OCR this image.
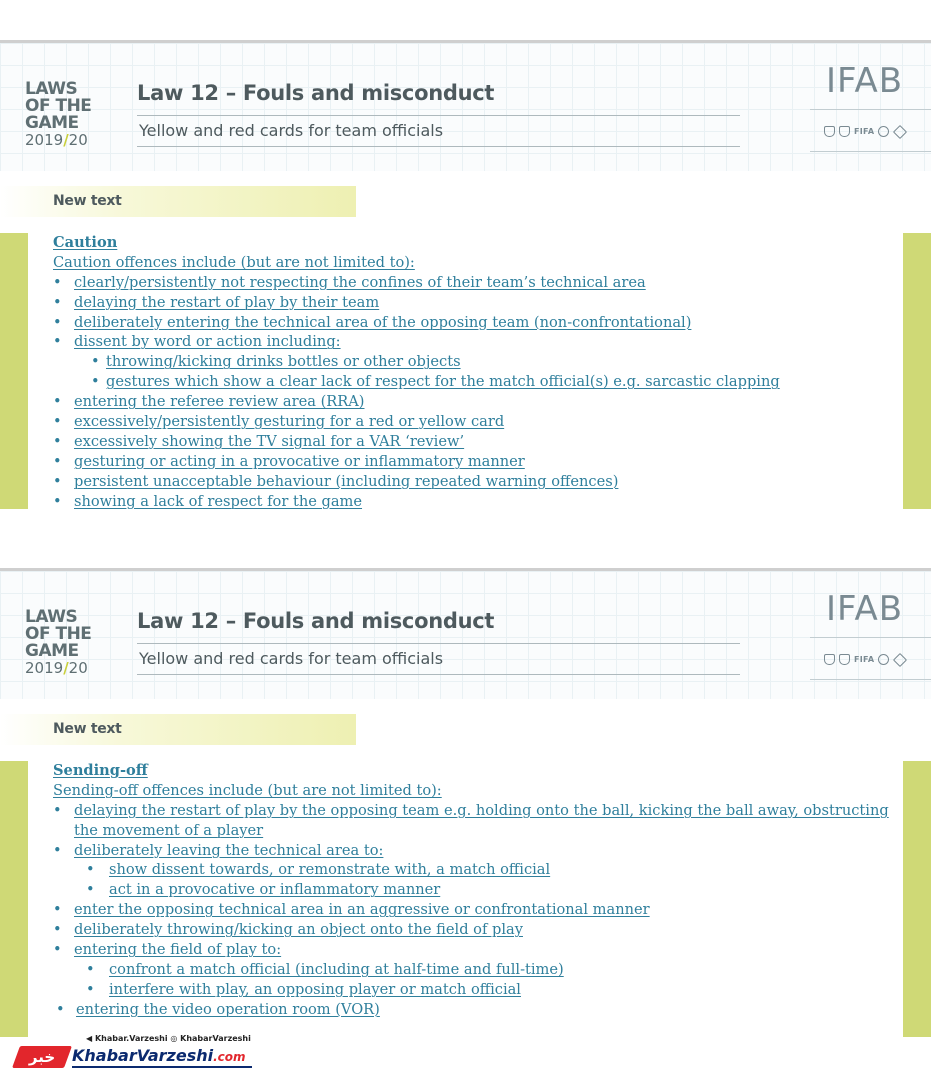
LAWS
OF THE
GAME
2019/20
Law 12 – Fouls and misconduct
Yellow and red cards for team officials
IFAB
FIFA
New text
Caution
Caution offences include (but are not limited to):
• clearly/persistently not respecting the confines of their team’s technical area
• delaying the restart of play by their team
• deliberately entering the technical area of the opposing team (non-confrontational)
• dissent by word or action including:
• throwing/kicking drinks bottles or other objects
• gestures which show a clear lack of respect for the match official(s) e.g. sarcastic clapping
• entering the referee review area (RRA)
• excessively/persistently gesturing for a red or yellow card
• excessively showing the TV signal for a VAR ‘review’
• gesturing or acting in a provocative or inflammatory manner
• persistent unacceptable behaviour (including repeated warning offences)
• showing a lack of respect for the game
LAWS
OF THE
GAME
2019/20
Law 12 – Fouls and misconduct
Yellow and red cards for team officials
IFAB
FIFA
New text
Sending-off
Sending-off offences include (but are not limited to):
• delaying the restart of play by the opposing team e.g. holding onto the ball, kicking the ball away, obstructing
the movement of a player
• deliberately leaving the technical area to:
• show dissent towards, or remonstrate with, a match official
• act in a provocative or inflammatory manner
• enter the opposing technical area in an aggressive or confrontational manner
• deliberately throwing/kicking an object onto the field of play
• entering the field of play to:
• confront a match official (including at half-time and full-time)
• interfere with play, an opposing player or match official
• entering the video operation room (VOR)
◀ Khabar.Varzeshi ◎ KhabarVarzeshi
خبر	KhabarVarzeshi.com
